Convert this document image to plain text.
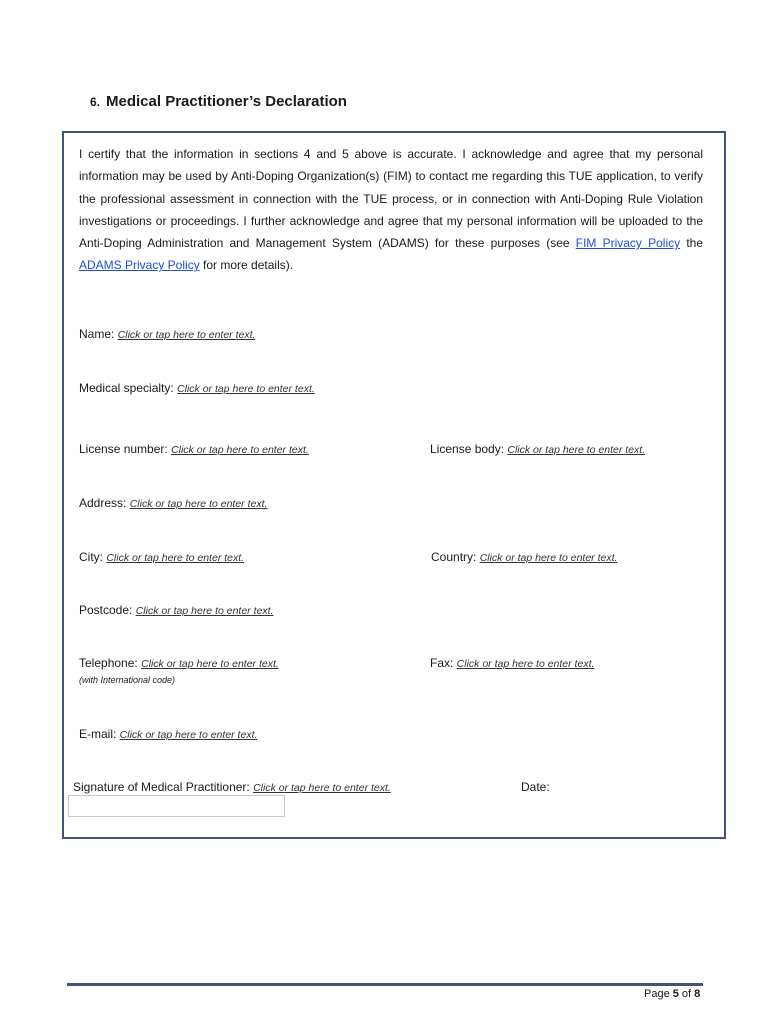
6. Medical Practitioner’s Declaration

I certify that the information in sections 4 and 5 above is accurate. I acknowledge and agree that my personal information may be used by Anti-Doping Organization(s) (FIM) to contact me regarding this TUE application, to verify the professional assessment in connection with the TUE process, or in connection with Anti-Doping Rule Violation investigations or proceedings. I further acknowledge and agree that my personal information will be uploaded to the Anti-Doping Administration and Management System (ADAMS) for these purposes (see FIM Privacy Policy the ADAMS Privacy Policy for more details).

Name: Click or tap here to enter text.
Medical specialty: Click or tap here to enter text.
License number: Click or tap here to enter text.	License body: Click or tap here to enter text.
Address: Click or tap here to enter text.
City: Click or tap here to enter text.	Country: Click or tap here to enter text.
Postcode: Click or tap here to enter text.
Telephone: Click or tap here to enter text.
(with International code)
Fax: Click or tap here to enter text.
E-mail: Click or tap here to enter text.
Signature of Medical Practitioner: Click or tap here to enter text.	Date:
Page 5 of 8
